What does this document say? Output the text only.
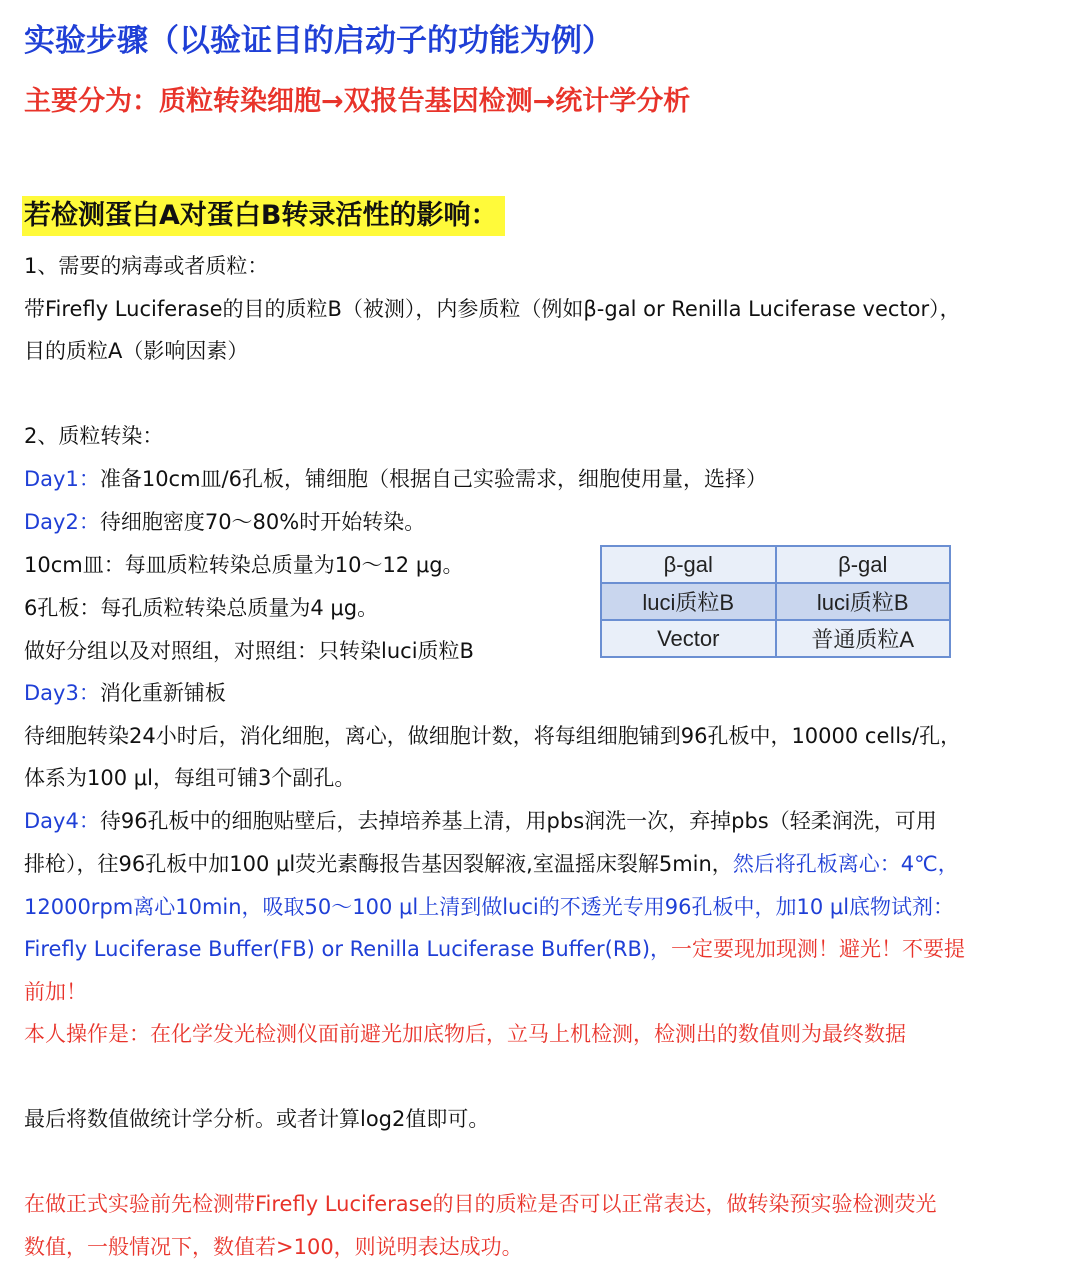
实验步骤（以验证目的启动子的功能为例）
主要分为：质粒转染细胞→双报告基因检测→统计学分析
若检测蛋白A对蛋白B转录活性的影响：
1、需要的病毒或者质粒：
带Firefly Luciferase的目的质粒B（被测），内参质粒（例如β-gal or Renilla Luciferase vector），
目的质粒A（影响因素）
2、质粒转染：
Day1：准备10cm皿/6孔板，铺细胞（根据自己实验需求，细胞使用量，选择）
Day2：待细胞密度70～80%时开始转染。
10cm皿：每皿质粒转染总质量为10～12 μg。
6孔板：每孔质粒转染总质量为4 μg。
做好分组以及对照组，对照组：只转染luci质粒B
Day3：消化重新铺板
待细胞转染24小时后，消化细胞，离心，做细胞计数，将每组细胞铺到96孔板中，10000 cells/孔，
体系为100 μl，每组可铺3个副孔。
Day4：待96孔板中的细胞贴壁后，去掉培养基上清，用pbs润洗一次，弃掉pbs（轻柔润洗，可用
排枪），往96孔板中加100 μl荧光素酶报告基因裂解液,室温摇床裂解5min，然后将孔板离心：4℃，
12000rpm离心10min，吸取50～100 μl上清到做luci的不透光专用96孔板中，加10 μl底物试剂：
Firefly Luciferase Buffer(FB) or Renilla Luciferase Buffer(RB)，一定要现加现测！避光！不要提
前加！
本人操作是：在化学发光检测仪面前避光加底物后，立马上机检测，检测出的数值则为最终数据
最后将数值做统计学分析。或者计算log2值即可。
在做正式实验前先检测带Firefly Luciferase的目的质粒是否可以正常表达，做转染预实验检测荧光
数值，一般情况下，数值若>100，则说明表达成功。
β-gal	β-gal
luci质粒B	luci质粒B
Vector	普通质粒A
